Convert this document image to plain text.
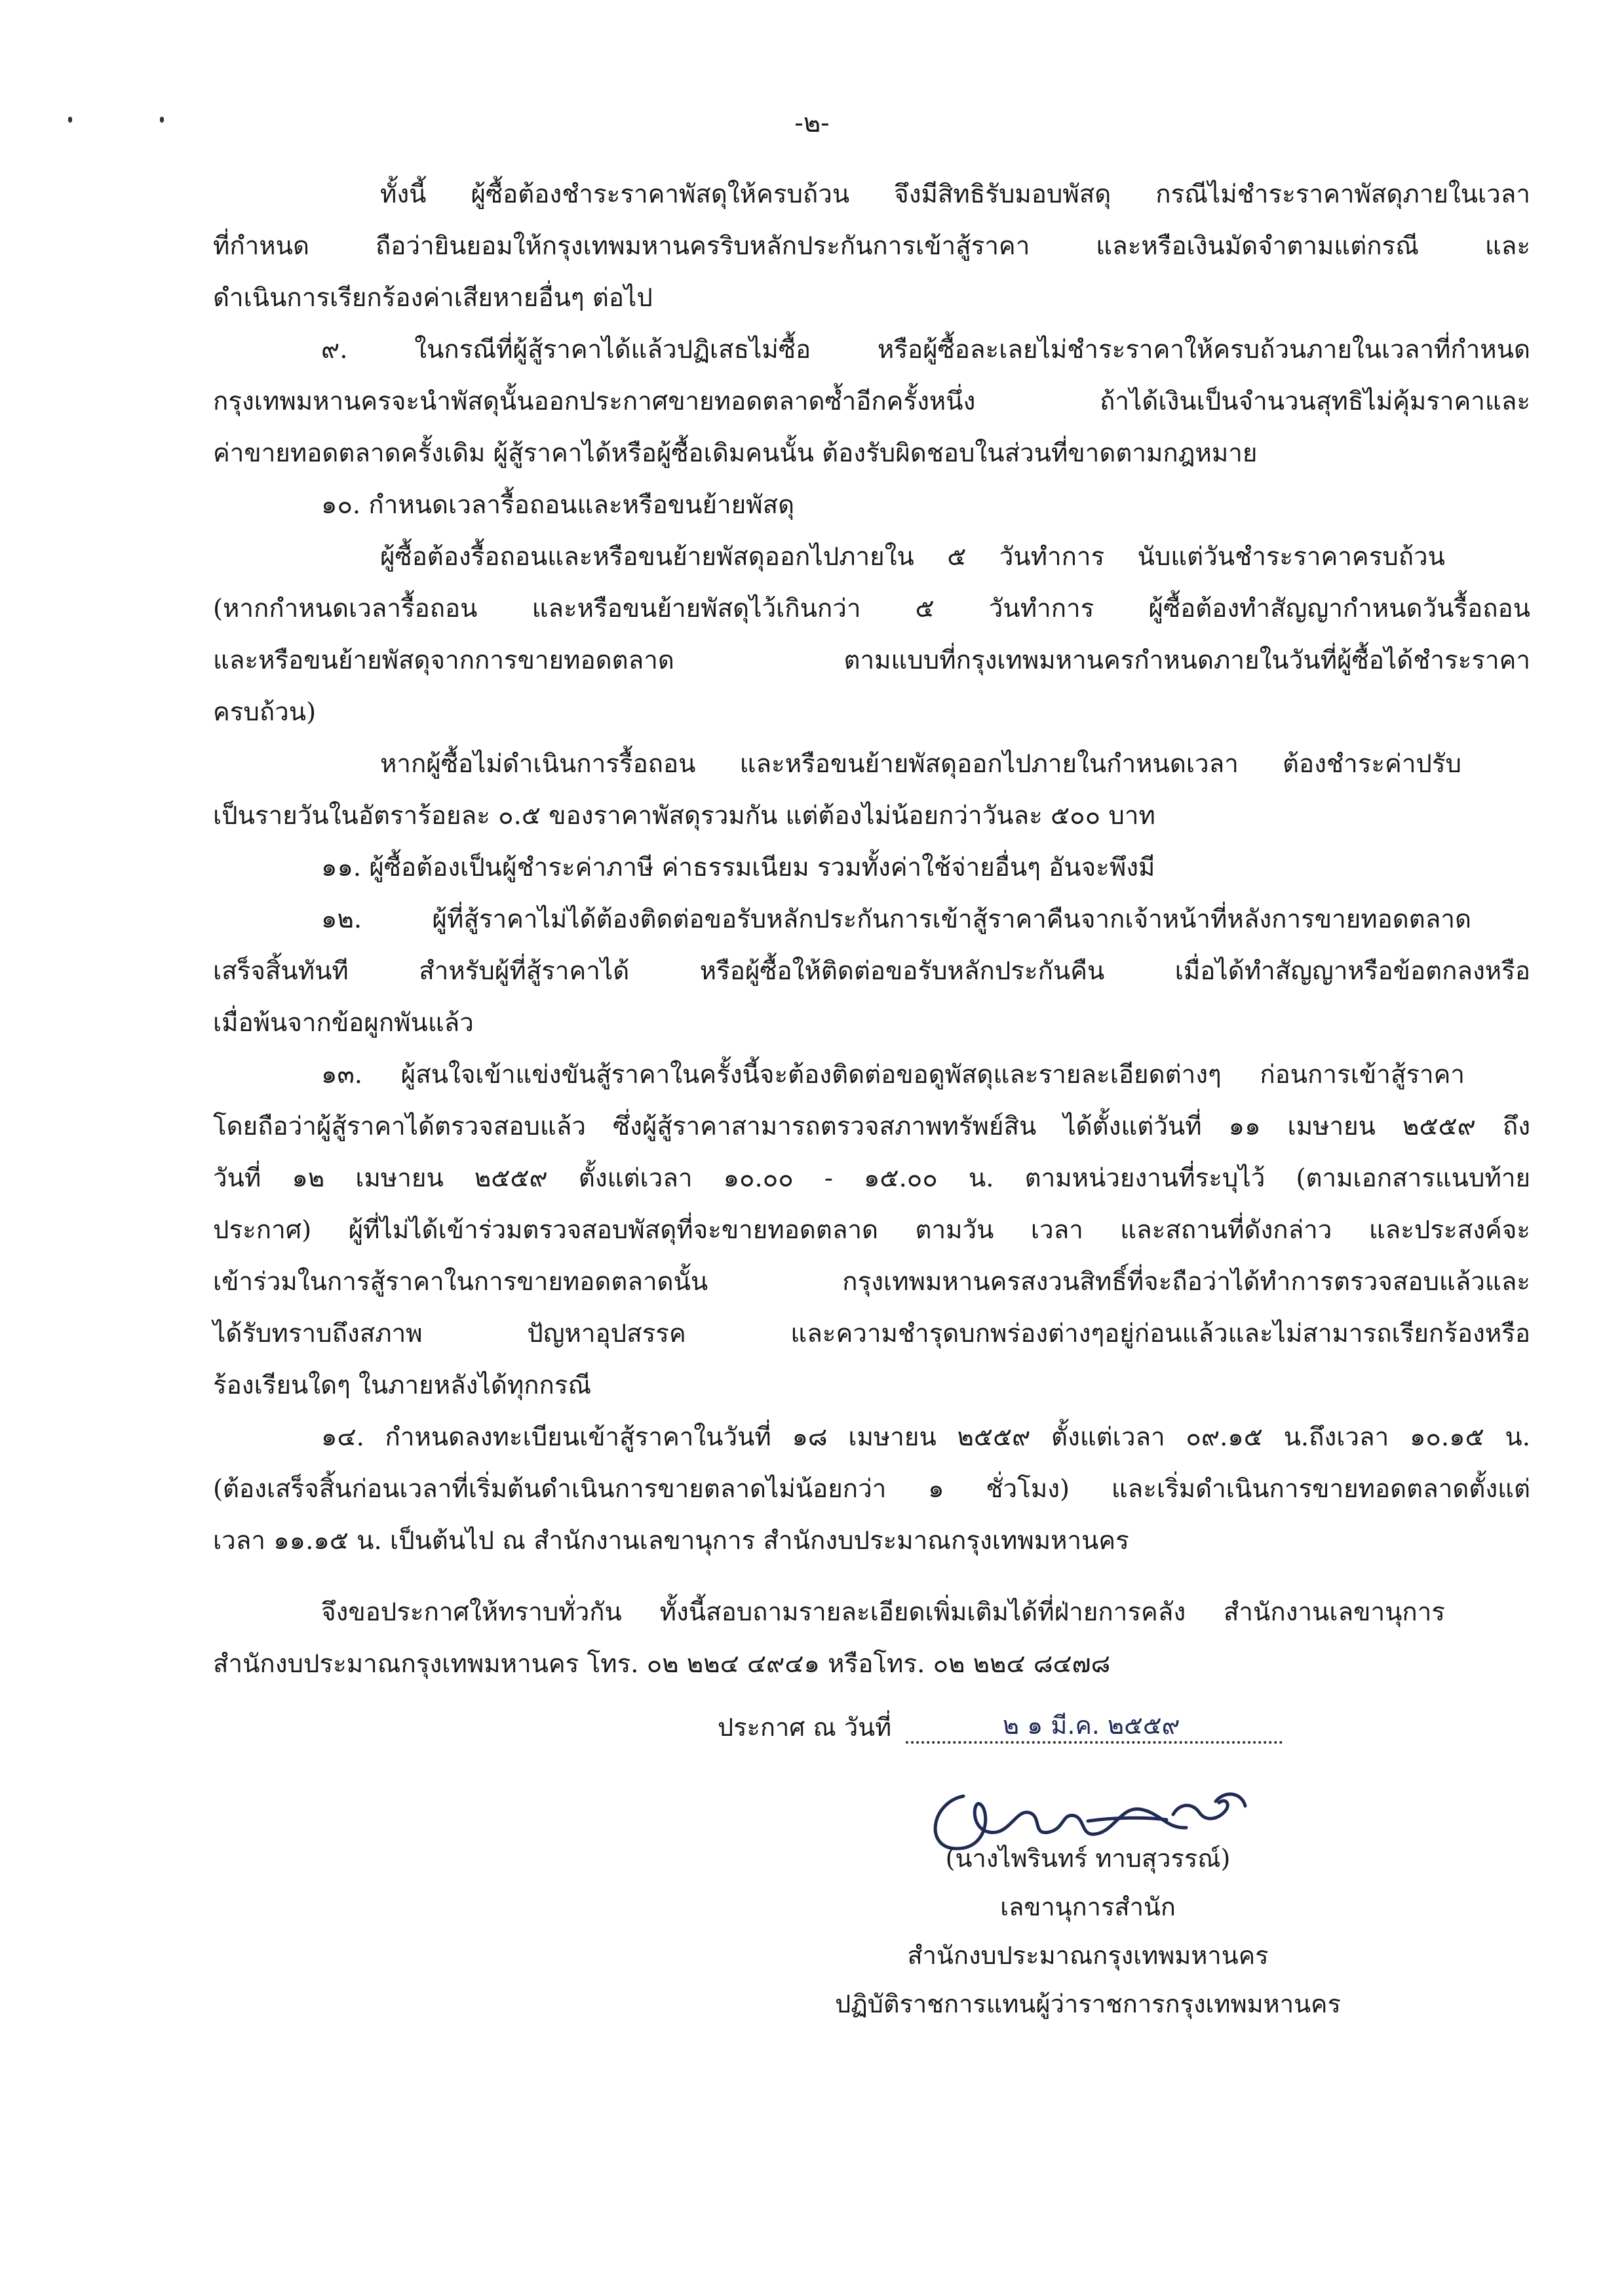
-๒-
ทั้งนี้ ผู้ซื้อต้องชำระราคาพัสดุให้ครบถ้วน จึงมีสิทธิรับมอบพัสดุ กรณีไม่ชำระราคาพัสดุภายในเวลา
ที่กำหนด ถือว่ายินยอมให้กรุงเทพมหานครริบหลักประกันการเข้าสู้ราคา และหรือเงินมัดจำตามแต่กรณี และ
ดำเนินการเรียกร้องค่าเสียหายอื่นๆ ต่อไป
๙. ในกรณีที่ผู้สู้ราคาได้แล้วปฏิเสธไม่ซื้อ หรือผู้ซื้อละเลยไม่ชำระราคาให้ครบถ้วนภายในเวลาที่กำหนด
กรุงเทพมหานครจะนำพัสดุนั้นออกประกาศขายทอดตลาดซ้ำอีกครั้งหนึ่ง ถ้าได้เงินเป็นจำนวนสุทธิไม่คุ้มราคาและ
ค่าขายทอดตลาดครั้งเดิม ผู้สู้ราคาได้หรือผู้ซื้อเดิมคนนั้น ต้องรับผิดชอบในส่วนที่ขาดตามกฎหมาย
๑๐. กำหนดเวลารื้อถอนและหรือขนย้ายพัสดุ
ผู้ซื้อต้องรื้อถอนและหรือขนย้ายพัสดุออกไปภายใน ๕ วันทำการ นับแต่วันชำระราคาครบถ้วน
(หากกำหนดเวลารื้อถอน และหรือขนย้ายพัสดุไว้เกินกว่า ๕ วันทำการ ผู้ซื้อต้องทำสัญญากำหนดวันรื้อถอน
และหรือขนย้ายพัสดุจากการขายทอดตลาด ตามแบบที่กรุงเทพมหานครกำหนดภายในวันที่ผู้ซื้อได้ชำระราคา
ครบถ้วน)
หากผู้ซื้อไม่ดำเนินการรื้อถอน และหรือขนย้ายพัสดุออกไปภายในกำหนดเวลา ต้องชำระค่าปรับ
เป็นรายวันในอัตราร้อยละ ๐.๕ ของราคาพัสดุรวมกัน แต่ต้องไม่น้อยกว่าวันละ ๕๐๐ บาท
๑๑. ผู้ซื้อต้องเป็นผู้ชำระค่าภาษี ค่าธรรมเนียม รวมทั้งค่าใช้จ่ายอื่นๆ อันจะพึงมี
๑๒. ผู้ที่สู้ราคาไม่ได้ต้องติดต่อขอรับหลักประกันการเข้าสู้ราคาคืนจากเจ้าหน้าที่หลังการขายทอดตลาด
เสร็จสิ้นทันที สำหรับผู้ที่สู้ราคาได้ หรือผู้ซื้อให้ติดต่อขอรับหลักประกันคืน เมื่อได้ทำสัญญาหรือข้อตกลงหรือ
เมื่อพ้นจากข้อผูกพันแล้ว
๑๓. ผู้สนใจเข้าแข่งขันสู้ราคาในครั้งนี้จะต้องติดต่อขอดูพัสดุและรายละเอียดต่างๆ ก่อนการเข้าสู้ราคา
โดยถือว่าผู้สู้ราคาได้ตรวจสอบแล้ว ซึ่งผู้สู้ราคาสามารถตรวจสภาพทรัพย์สิน ได้ตั้งแต่วันที่ ๑๑ เมษายน ๒๕๕๙ ถึง
วันที่ ๑๒ เมษายน ๒๕๕๙ ตั้งแต่เวลา ๑๐.๐๐ - ๑๕.๐๐ น. ตามหน่วยงานที่ระบุไว้ (ตามเอกสารแนบท้าย
ประกาศ) ผู้ที่ไม่ได้เข้าร่วมตรวจสอบพัสดุที่จะขายทอดตลาด ตามวัน เวลา และสถานที่ดังกล่าว และประสงค์จะ
เข้าร่วมในการสู้ราคาในการขายทอดตลาดนั้น กรุงเทพมหานครสงวนสิทธิ์ที่จะถือว่าได้ทำการตรวจสอบแล้วและ
ได้รับทราบถึงสภาพ ปัญหาอุปสรรค และความชำรุดบกพร่องต่างๆอยู่ก่อนแล้วและไม่สามารถเรียกร้องหรือ
ร้องเรียนใดๆ ในภายหลังได้ทุกกรณี
๑๔. กำหนดลงทะเบียนเข้าสู้ราคาในวันที่ ๑๘ เมษายน ๒๕๕๙ ตั้งแต่เวลา ๐๙.๑๕ น.ถึงเวลา ๑๐.๑๕ น.
(ต้องเสร็จสิ้นก่อนเวลาที่เริ่มต้นดำเนินการขายตลาดไม่น้อยกว่า ๑ ชั่วโมง) และเริ่มดำเนินการขายทอดตลาดตั้งแต่
เวลา ๑๑.๑๕ น. เป็นต้นไป ณ สำนักงานเลขานุการ สำนักงบประมาณกรุงเทพมหานคร
จึงขอประกาศให้ทราบทั่วกัน ทั้งนี้สอบถามรายละเอียดเพิ่มเติมได้ที่ฝ่ายการคลัง สำนักงานเลขานุการ
สำนักงบประมาณกรุงเทพมหานคร โทร. ๐๒ ๒๒๔ ๔๙๔๑ หรือโทร. ๐๒ ๒๒๔ ๘๔๗๘
ประกาศ ณ วันที่	๒ ๑ มี.ค. ๒๕๕๙
(นางไพรินทร์ ทาบสุวรรณ์)
เลขานุการสำนัก
สำนักงบประมาณกรุงเทพมหานคร
ปฏิบัติราชการแทนผู้ว่าราชการกรุงเทพมหานคร
